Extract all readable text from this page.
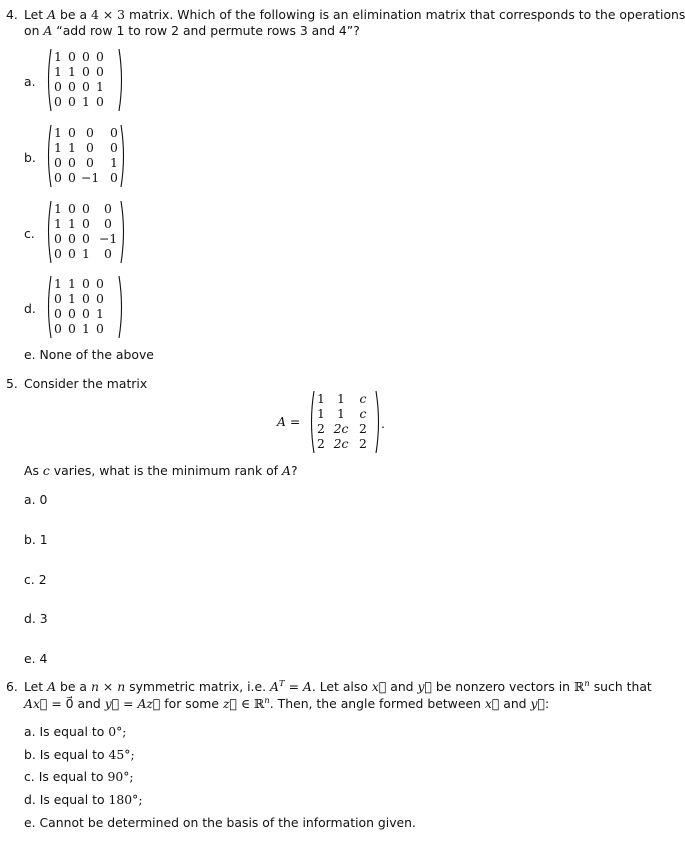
4. Let A be a 4 × 3 matrix. Which of the following is an elimination matrix that corresponds to the operations
on A “add row 1 to row 2 and permute rows 3 and 4”?
a.
1 0 0 0
1 1 0 0
0 0 0 1
0 0 1 0
b.
1 0 0	0
1 1 0	0
0 0 0	1
0 0 −1 0
c.
1 0 0	0
1 1 0	0
0 0 0 −1
0 0 1	0
d.
1 1 0 0
0 1 0 0
0 0 0 1
0 0 1 0
e. None of the above
5. Consider the matrix
A =
1 1	c
1 1	c
2 2c 2
2 2c 2
.
As c varies, what is the minimum rank of A?
a. 0
b. 1
c. 2
d. 3
e. 4
6. Let A be a n × n symmetric matrix, i.e. $A^T = A$. Let also x⃗ and y⃗ be nonzero vectors in ℝ$^n$ such that
Ax⃗ = 0⃗ and y⃗ = Az⃗ for some z⃗ ∈ ℝ$^n$. Then, the angle formed between x⃗ and y⃗:
a. Is equal to 0°;
b. Is equal to 45°;
c. Is equal to 90°;
d. Is equal to 180°;
e. Cannot be determined on the basis of the information given.
